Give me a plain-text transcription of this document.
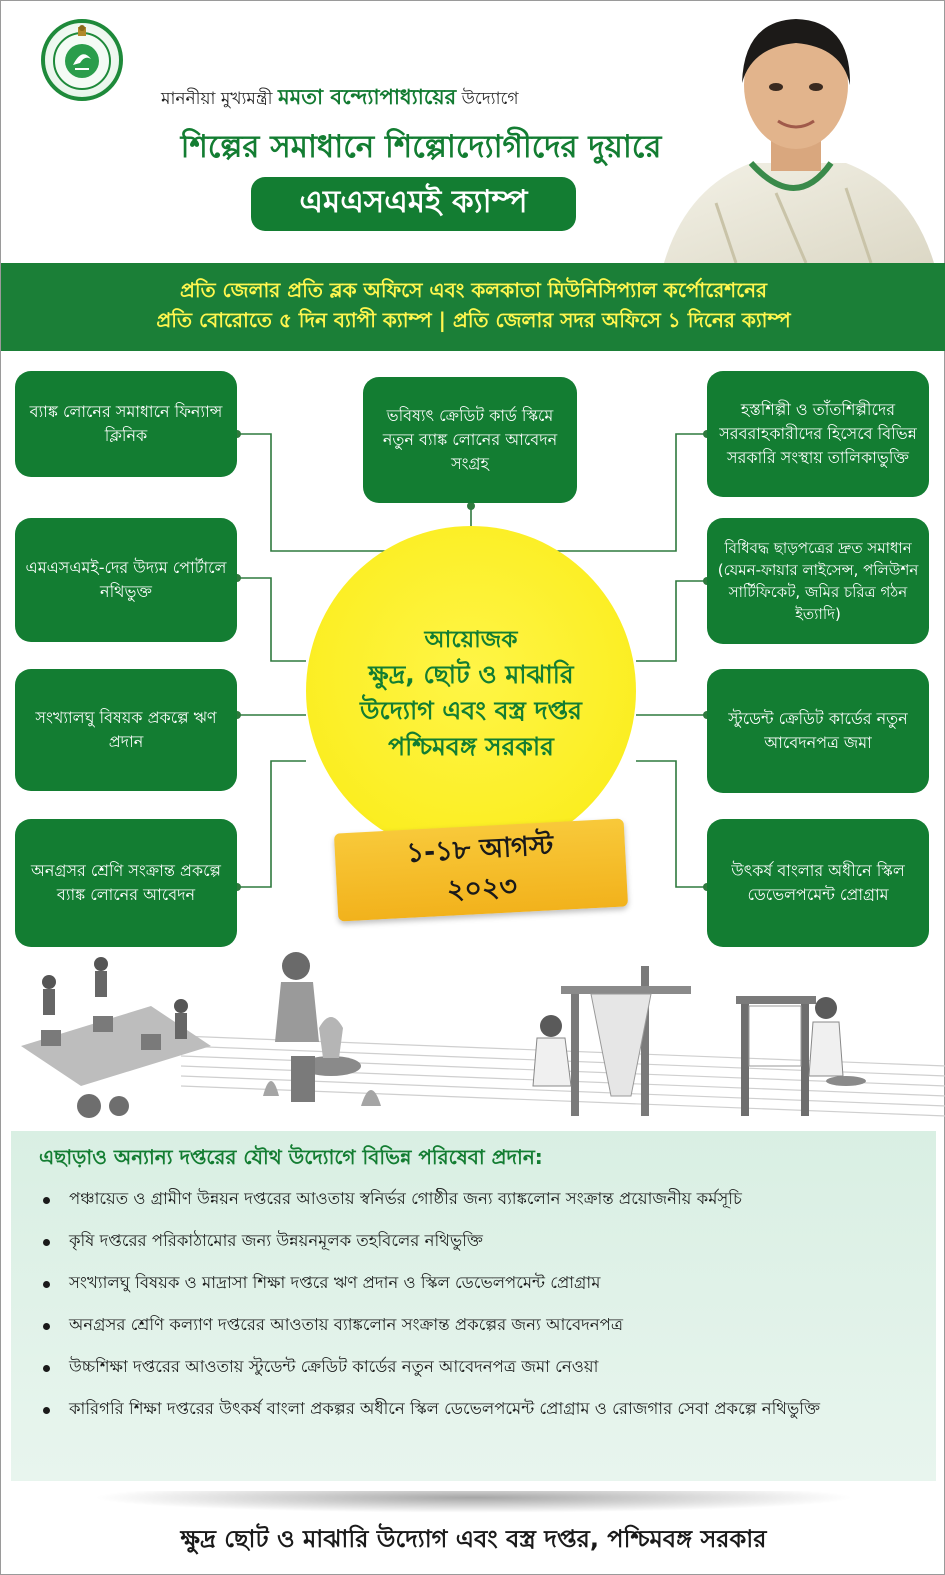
মাননীয়া মুখ্যমন্ত্রী মমতা বন্দ্যোপাধ্যায়ের উদ্যোগে
শিল্পের সমাধানে শিল্পোদ্যোগীদের দুয়ারে
এমএসএমই ক্যাম্প
প্রতি জেলার প্রতি ব্লক অফিসে এবং কলকাতা মিউনিসিপ্যাল কর্পোরেশনের
প্রতি বোরোতে ৫ দিন ব্যাপী ক্যাম্প | প্রতি জেলার সদর অফিসে ১ দিনের ক্যাম্প
ব্যাঙ্ক লোনের সমাধানে ফিন্যান্স ক্লিনিক
এমএসএমই-দের উদ্যম পোর্টালে নথিভুক্ত
সংখ্যালঘু বিষয়ক প্রকল্পে ঋণ প্রদান
অনগ্রসর শ্রেণি সংক্রান্ত প্রকল্পে ব্যাঙ্ক লোনের আবেদন
ভবিষ্যৎ ক্রেডিট কার্ড স্কিমে নতুন ব্যাঙ্ক লোনের আবেদন সংগ্রহ
হস্তশিল্পী ও তাঁতশিল্পীদের সরবরাহকারীদের হিসেবে বিভিন্ন সরকারি সংস্থায় তালিকাভুক্তি
বিধিবদ্ধ ছাড়পত্রের দ্রুত সমাধান (যেমন-ফায়ার লাইসেন্স, পলিউশন সার্টিফিকেট, জমির চরিত্র গঠন ইত্যাদি)
স্টুডেন্ট ক্রেডিট কার্ডের নতুন আবেদনপত্র জমা
উৎকর্ষ বাংলার অধীনে স্কিল ডেভেলপমেন্ট প্রোগ্রাম
আয়োজক
ক্ষুদ্র, ছোট ও মাঝারি
উদ্যোগ এবং বস্ত্র দপ্তর
পশ্চিমবঙ্গ সরকার
১-১৮ আগস্ট
২০২৩
এছাড়াও অন্যান্য দপ্তরের যৌথ উদ্যোগে বিভিন্ন পরিষেবা প্রদান:
পঞ্চায়েত ও গ্রামীণ উন্নয়ন দপ্তরের আওতায় স্বনির্ভর গোষ্ঠীর জন্য ব্যাঙ্কলোন সংক্রান্ত প্রয়োজনীয় কর্মসূচি
কৃষি দপ্তরের পরিকাঠামোর জন্য উন্নয়নমূলক তহবিলের নথিভুক্তি
সংখ্যালঘু বিষয়ক ও মাদ্রাসা শিক্ষা দপ্তরে ঋণ প্রদান ও স্কিল ডেভেলপমেন্ট প্রোগ্রাম
অনগ্রসর শ্রেণি কল্যাণ দপ্তরের আওতায় ব্যাঙ্কলোন সংক্রান্ত প্রকল্পের জন্য আবেদনপত্র
উচ্চশিক্ষা দপ্তরের আওতায় স্টুডেন্ট ক্রেডিট কার্ডের নতুন আবেদনপত্র জমা নেওয়া
কারিগরি শিক্ষা দপ্তরের উৎকর্ষ বাংলা প্রকল্পর অধীনে স্কিল ডেভেলপমেন্ট প্রোগ্রাম ও রোজগার সেবা প্রকল্পে নথিভুক্তি
ক্ষুদ্র ছোট ও মাঝারি উদ্যোগ এবং বস্ত্র দপ্তর, পশ্চিমবঙ্গ সরকার
